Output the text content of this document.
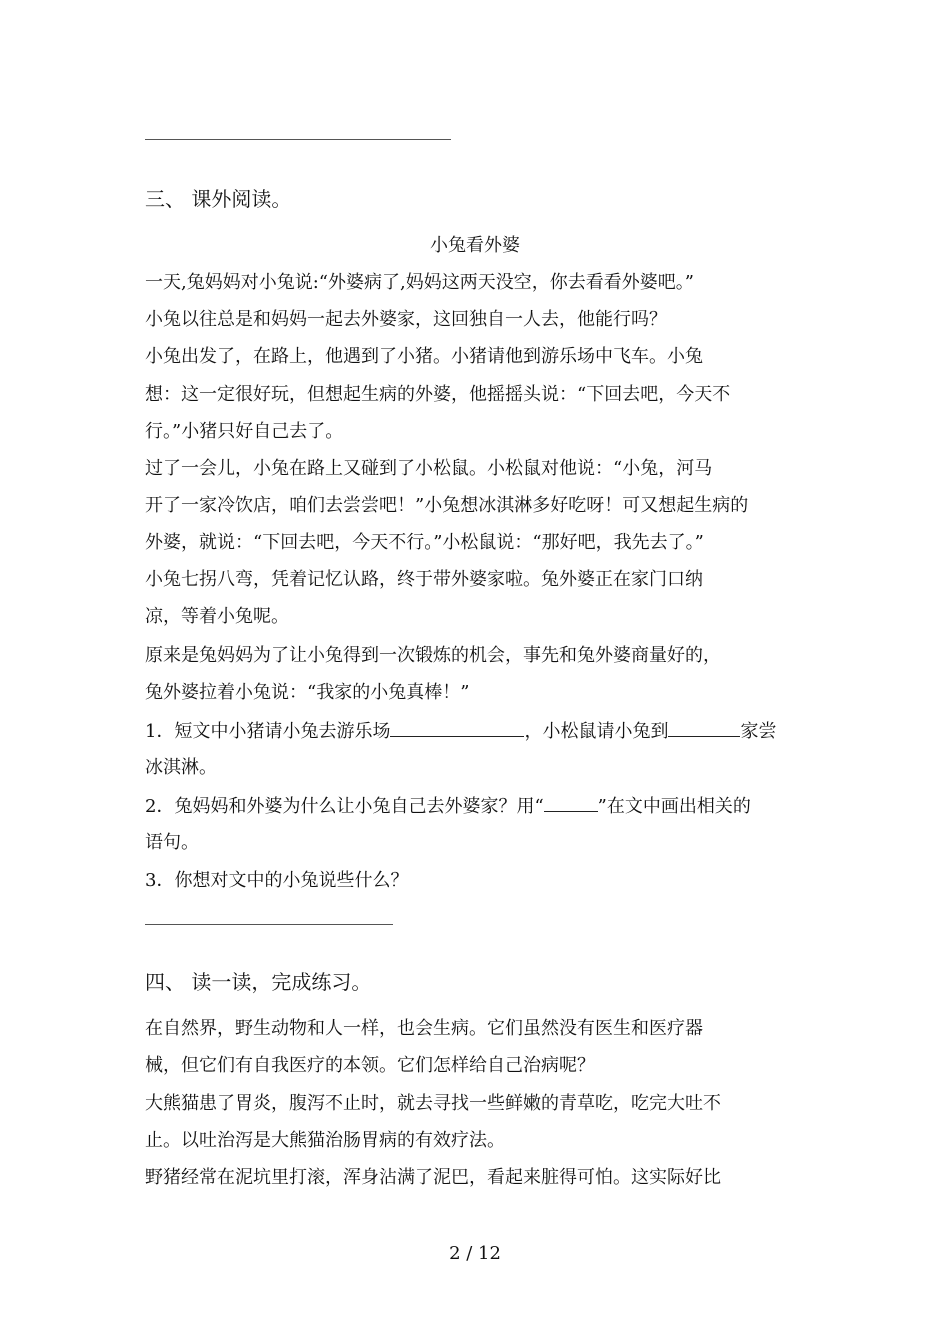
三、 课外阅读。
小兔看外婆
一天,兔妈妈对小兔说:“外婆病了,妈妈这两天没空，你去看看外婆吧。”
小兔以往总是和妈妈一起去外婆家，这回独自一人去，他能行吗？
小兔出发了，在路上，他遇到了小猪。小猪请他到游乐场中飞车。小兔
想：这一定很好玩，但想起生病的外婆，他摇摇头说：“下回去吧，今天不
行。”小猪只好自己去了。
过了一会儿，小兔在路上又碰到了小松鼠。小松鼠对他说：“小兔，河马
开了一家冷饮店，咱们去尝尝吧！”小兔想冰淇淋多好吃呀！可又想起生病的
外婆，就说：“下回去吧，今天不行。”小松鼠说：“那好吧，我先去了。”
小兔七拐八弯，凭着记忆认路，终于带外婆家啦。兔外婆正在家门口纳
凉，等着小兔呢。
原来是兔妈妈为了让小兔得到一次锻炼的机会，事先和兔外婆商量好的，
兔外婆拉着小兔说：“我家的小兔真棒！”
1．短文中小猪请小兔去游乐场	，小松鼠请小兔到	家尝
冰淇淋。
2．兔妈妈和外婆为什么让小兔自己去外婆家？用“	”在文中画出相关的
语句。
3．你想对文中的小兔说些什么？
四、 读一读，完成练习。
在自然界，野生动物和人一样，也会生病。它们虽然没有医生和医疗器
械，但它们有自我医疗的本领。它们怎样给自己治病呢？
大熊猫患了胃炎，腹泻不止时，就去寻找一些鲜嫩的青草吃，吃完大吐不
止。以吐治泻是大熊猫治肠胃病的有效疗法。
野猪经常在泥坑里打滚，浑身沾满了泥巴，看起来脏得可怕。这实际好比
2 / 12
